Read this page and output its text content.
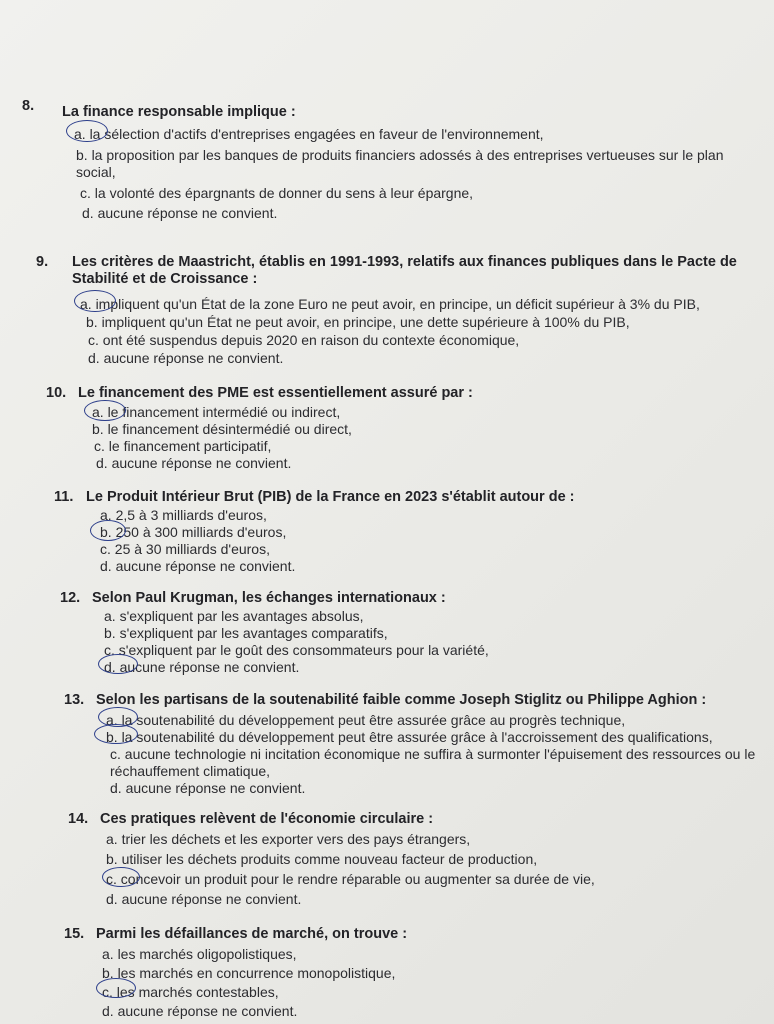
8. La finance responsable implique :
a. la sélection d'actifs d'entreprises engagées en faveur de l'environnement,
b. la proposition par les banques de produits financiers adossés à des entreprises vertueuses sur le plan social,
c. la volonté des épargnants de donner du sens à leur épargne,
d. aucune réponse ne convient.
9. Les critères de Maastricht, établis en 1991-1993, relatifs aux finances publiques dans le Pacte de Stabilité et de Croissance :
a. impliquent qu'un État de la zone Euro ne peut avoir, en principe, un déficit supérieur à 3% du PIB,
b. impliquent qu'un État ne peut avoir, en principe, une dette supérieure à 100% du PIB,
c. ont été suspendus depuis 2020 en raison du contexte économique,
d. aucune réponse ne convient.
10. Le financement des PME est essentiellement assuré par :
a. le financement intermédié ou indirect,
b. le financement désintermédié ou direct,
c. le financement participatif,
d. aucune réponse ne convient.
11. Le Produit Intérieur Brut (PIB) de la France en 2023 s'établit autour de :
a. 2,5 à 3 milliards d'euros,
b. 250 à 300 milliards d'euros,
c. 25 à 30 milliards d'euros,
d. aucune réponse ne convient.
12. Selon Paul Krugman, les échanges internationaux :
a. s'expliquent par les avantages absolus,
b. s'expliquent par les avantages comparatifs,
c. s'expliquent par le goût des consommateurs pour la variété,
d. aucune réponse ne convient.
13. Selon les partisans de la soutenabilité faible comme Joseph Stiglitz ou Philippe Aghion :
a. la soutenabilité du développement peut être assurée grâce au progrès technique,
b. la soutenabilité du développement peut être assurée grâce à l'accroissement des qualifications,
c. aucune technologie ni incitation économique ne suffira à surmonter l'épuisement des ressources ou le réchauffement climatique,
d. aucune réponse ne convient.
14. Ces pratiques relèvent de l'économie circulaire :
a. trier les déchets et les exporter vers des pays étrangers,
b. utiliser les déchets produits comme nouveau facteur de production,
c. concevoir un produit pour le rendre réparable ou augmenter sa durée de vie,
d. aucune réponse ne convient.
15. Parmi les défaillances de marché, on trouve :
a. les marchés oligopolistiques,
b. les marchés en concurrence monopolistique,
c. les marchés contestables,
d. aucune réponse ne convient.
